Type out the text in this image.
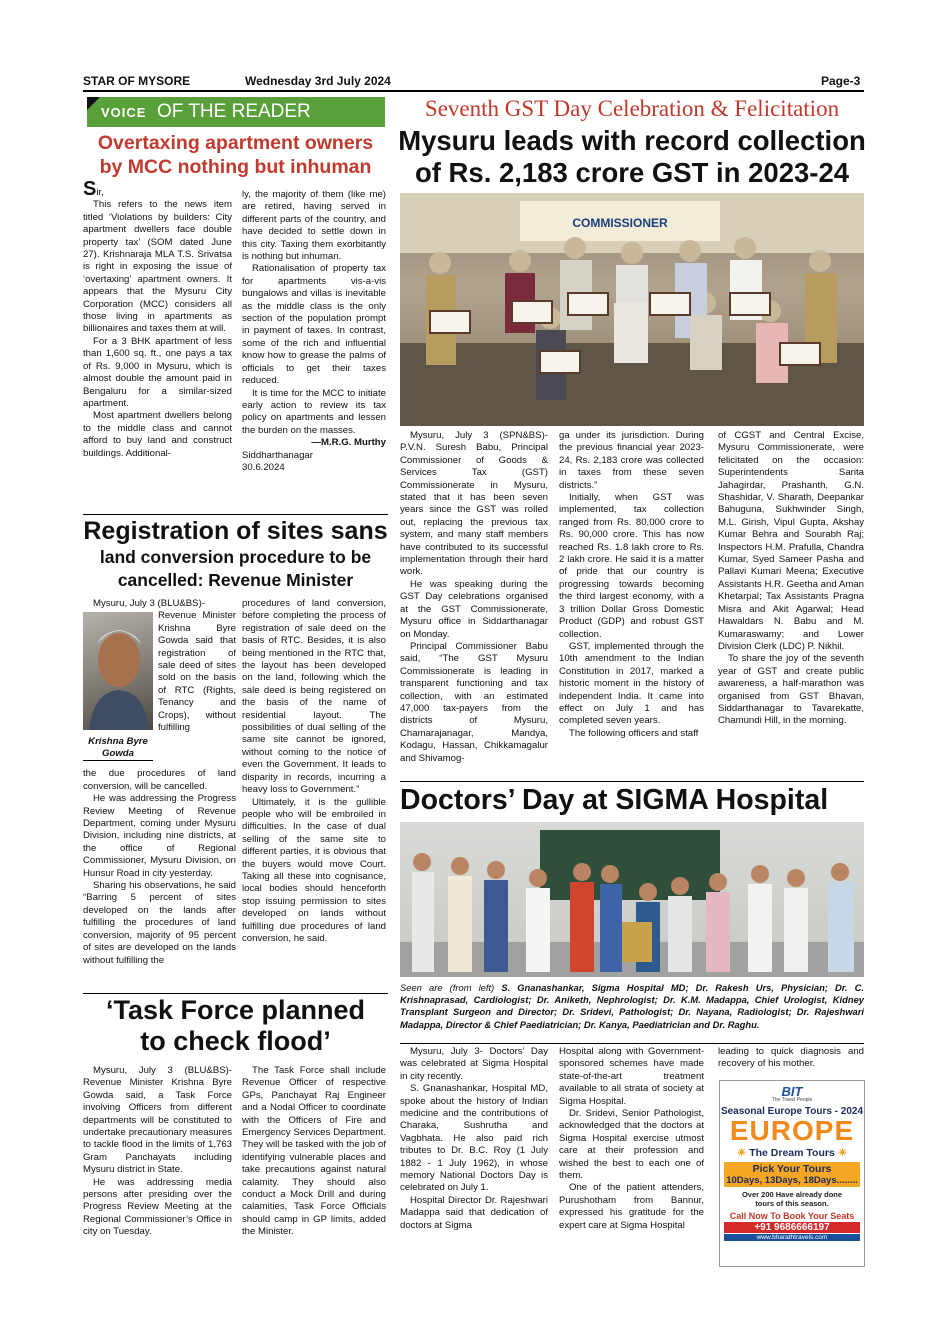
STAR OF MYSORE	Wednesday 3rd July 2024	Page-3
VOICE OF THE READER
Overtaxing apartment owners
by MCC nothing but inhuman

Sir,

This refers to the news item titled ‘Violations by builders: City apartment dwellers face double property tax’ (SOM dated June 27). Krishnaraja MLA T.S. Srivatsa is right in exposing the issue of ‘overtaxing’ apartment owners. It appears that the Mysuru City Corporation (MCC) considers all those living in apartments as billionaires and taxes them at will.

For a 3 BHK apartment of less than 1,600 sq. ft., one pays a tax of Rs. 9,000 in Mysuru, which is almost double the amount paid in Bengaluru for a similar-sized apartment.

Most apartment dwellers belong to the middle class and cannot afford to buy land and construct buildings. Additional-

ly, the majority of them (like me) are retired, having served in different parts of the country, and have decided to settle down in this city. Taxing them exorbitantly is nothing but inhuman.

Rationalisation of property tax for apartments vis-a-vis bungalows and villas is inevitable as the middle class is the only section of the population prompt in payment of taxes. In contrast, some of the rich and influential know how to grease the palms of officials to get their taxes reduced.

It is time for the MCC to initiate early action to review its tax policy on apartments and lessen the burden on the masses.

—M.R.G. Murthy
Siddharthanagar
30.6.2024
Seventh GST Day Celebration & Felicitation
Mysuru leads with record collection
of Rs. 2,183 crore GST in 2023-24
COMMISSIONER

Mysuru, July 3 (SPN&BS)- P.V.N. Suresh Babu, Principal Commissioner of Goods & Services Tax (GST) Commissionerate in Mysuru, stated that it has been seven years since the GST was rolled out, replacing the previous tax system, and many staff members have contributed to its successful implementation through their hard work.

He was speaking during the GST Day celebrations organised at the GST Commissionerate, Mysuru office in Siddarthanagar on Monday.

Principal Commissioner Babu said, “The GST Mysuru Commissionerate is leading in transparent functioning and tax collection, with an estimated 47,000 tax-payers from the districts of Mysuru, Chamarajanagar, Mandya, Kodagu, Hassan, Chikkamagalur and Shivamog-

ga under its jurisdiction. During the previous financial year 2023-24, Rs. 2,183 crore was collected in taxes from these seven districts.”

Initially, when GST was implemented, tax collection ranged from Rs. 80,000 crore to Rs. 90,000 crore. This has now reached Rs. 1.8 lakh crore to Rs. 2 lakh crore. He said it is a matter of pride that our country is progressing towards becoming the third largest economy, with a 3 trillion Dollar Gross Domestic Product (GDP) and robust GST collection.

GST, implemented through the 10th amendment to the Indian Constitution in 2017, marked a historic moment in the history of independent India. It came into effect on July 1 and has completed seven years.

The following officers and staff

of CGST and Central Excise, Mysuru Commissionerate, were felicitated on the occasion: Superintendents Sarita Jahagirdar, Prashanth, G.N. Shashidar, V. Sharath, Deepankar Bahuguna, Sukhwinder Singh, M.L. Girish, Vipul Gupta, Akshay Kumar Behra and Sourabh Raj; Inspectors H.M. Prafulla, Chandra Kumar, Syed Sameer Pasha and Pallavi Kumari Meena; Executive Assistants H.R. Geetha and Aman Khetarpal; Tax Assistants Pragna Misra and Akit Agarwal; Head Hawaldars N. Babu and M. Kumaraswamy; and Lower Division Clerk (LDC) P. Nikhil.

To share the joy of the seventh year of GST and create public awareness, a half-marathon was organised from GST Bhavan, Siddarthanagar to Tavarekatte, Chamundi Hill, in the morning.

Registration of sites sans
land conversion procedure to be
cancelled: Revenue Minister

Mysuru, July 3 (BLU&BS)-

Krishna Byre
Gowda

Revenue Minister Krishna Byre Gowda said that registration of sale deed of sites sold on the basis of RTC (Rights, Tenancy and Crops), without fulfilling

the due procedures of land conversion, will be cancelled.

He was addressing the Progress Review Meeting of Revenue Department, coming under Mysuru Division, including nine districts, at the office of Regional Commissioner, Mysuru Division, on Hunsur Road in city yesterday.

Sharing his observations, he said “Barring 5 percent of sites developed on the lands after fulfilling the procedures of land conversion, majority of 95 percent of sites are developed on the lands without fulfilling the

procedures of land conversion, before completing the process of registration of sale deed on the basis of RTC. Besides, it is also being mentioned in the RTC that, the layout has been developed on the land, following which the sale deed is being registered on the basis of the name of residential layout. The possibilities of dual selling of the same site cannot be ignored, without coming to the notice of even the Government. It leads to disparity in records, incurring a heavy loss to Government.”

Ultimately, it is the gullible people who will be embroiled in difficulties. In the case of dual selling of the same site to different parties, it is obvious that the buyers would move Court. Taking all these into cognisance, local bodies should henceforth stop issuing permission to sites developed on lands without fulfilling due procedures of land conversion, he said.

‘Task Force planned
to check flood’

Mysuru, July 3 (BLU&BS)- Revenue Minister Krishna Byre Gowda said, a Task Force involving Officers from different departments will be constituted to undertake precautionary measures to tackle flood in the limits of 1,763 Gram Panchayats including Mysuru district in State.

He was addressing media persons after presiding over the Progress Review Meeting at the Regional Commissioner’s Office in city on Tuesday.

The Task Force shall include Revenue Officer of respective GPs, Panchayat Raj Engineer and a Nodal Officer to coordinate with the Officers of Fire and Emergency Services Department. They will be tasked with the job of identifying vulnerable places and take precautions against natural calamity. They should also conduct a Mock Drill and during calamities, Task Force Officials should camp in GP limits, added the Minister.

Doctors’ Day at SIGMA Hospital
Seen are (from left) S. Gnanashankar, Sigma Hospital MD; Dr. Rakesh Urs, Physician; Dr. C. Krishnaprasad, Cardiologist; Dr. Aniketh, Nephrologist; Dr. K.M. Madappa, Chief Urologist, Kidney Transplant Surgeon and Director; Dr. Sridevi, Pathologist; Dr. Nayana, Radiologist; Dr. Rajeshwari Madappa, Director & Chief Paediatrician; Dr. Kanya, Paediatrician and Dr. Raghu.

Mysuru, July 3- Doctors’ Day was celebrated at Sigma Hospital in city recently.

S. Gnanashankar, Hospital MD, spoke about the history of Indian medicine and the contributions of Charaka, Sushrutha and Vagbhata. He also paid rich tributes to Dr. B.C. Roy (1 July 1882 - 1 July 1962), in whose memory National Doctors Day is celebrated on July 1.

Hospital Director Dr. Rajeshwari Madappa said that dedication of doctors at Sigma

Hospital along with Government-sponsored schemes have made state-of-the-art treatment available to all strata of society at Sigma Hospital.

Dr. Sridevi, Senior Pathologist, acknowledged that the doctors at Sigma Hospital exercise utmost care at their profession and wished the best to each one of them.

One of the patient attenders, Purushotham from Bannur, expressed his gratitude for the expert care at Sigma Hospital

leading to quick diagnosis and recovery of his mother.

BIT
The Travel People
Seasonal Europe Tours - 2024
EUROPE
☀ The Dream Tours ☀
Pick Your Tours
10Days, 13Days, 18Days........
Over 200 Have already done
tours of this season.
Call Now To Book Your Seats
+91 9686666197
www.bharathtravels.com
